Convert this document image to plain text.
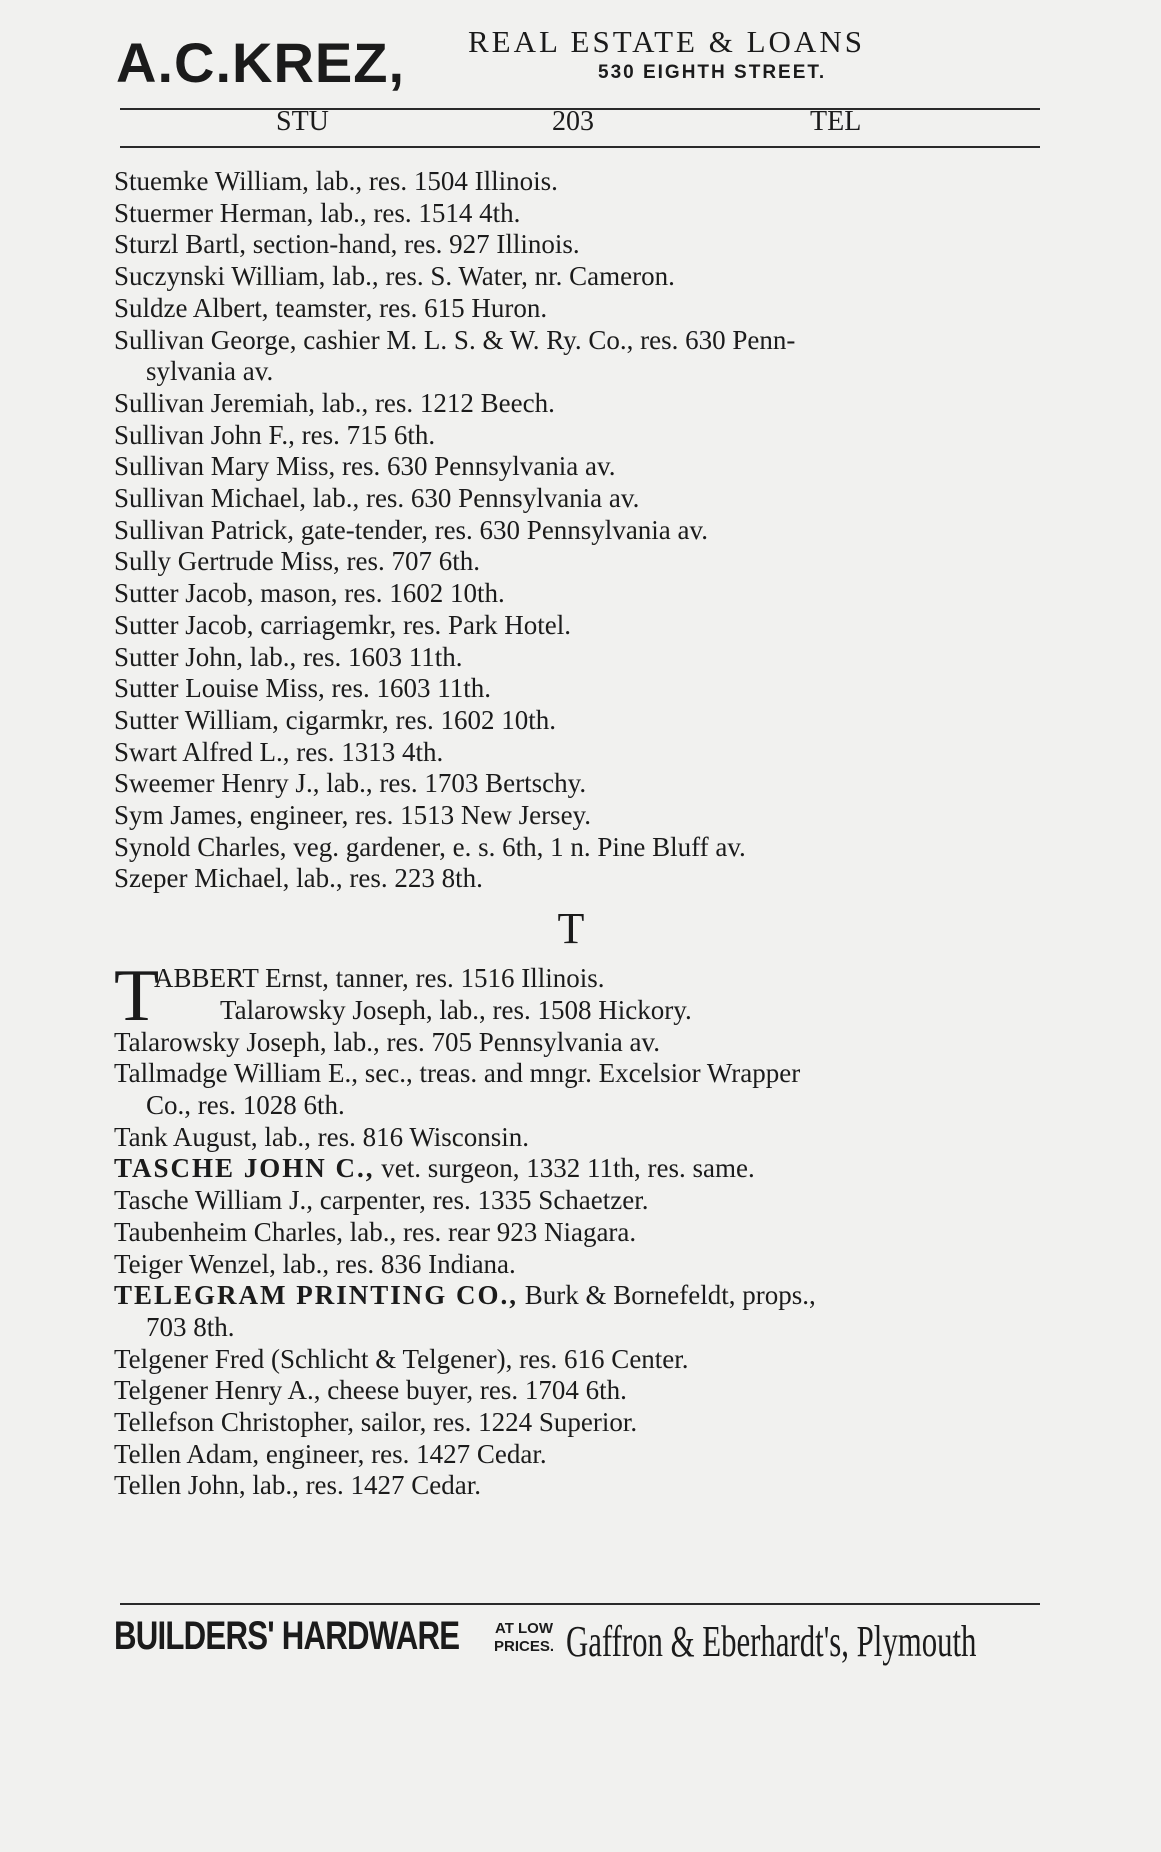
A.C.KREZ, REAL ESTATE & LOANS
530 EIGHTH STREET.
STU	203	TEL
Stuemke William, lab., res. 1504 Illinois.
Stuermer Herman, lab., res. 1514 4th.
Sturzl Bartl, section-hand, res. 927 Illinois.
Suczynski William, lab., res. S. Water, nr. Cameron.
Suldze Albert, teamster, res. 615 Huron.
Sullivan George, cashier M. L. S. & W. Ry. Co., res. 630 Penn-
sylvania av.
Sullivan Jeremiah, lab., res. 1212 Beech.
Sullivan John F., res. 715 6th.
Sullivan Mary Miss, res. 630 Pennsylvania av.
Sullivan Michael, lab., res. 630 Pennsylvania av.
Sullivan Patrick, gate-tender, res. 630 Pennsylvania av.
Sully Gertrude Miss, res. 707 6th.
Sutter Jacob, mason, res. 1602 10th.
Sutter Jacob, carriagemkr, res. Park Hotel.
Sutter John, lab., res. 1603 11th.
Sutter Louise Miss, res. 1603 11th.
Sutter William, cigarmkr, res. 1602 10th.
Swart Alfred L., res. 1313 4th.
Sweemer Henry J., lab., res. 1703 Bertschy.
Sym James, engineer, res. 1513 New Jersey.
Synold Charles, veg. gardener, e. s. 6th, 1 n. Pine Bluff av.
Szeper Michael, lab., res. 223 8th.
T
T
ABBERT Ernst, tanner, res. 1516 Illinois.
Talarowsky Joseph, lab., res. 1508 Hickory.
Talarowsky Joseph, lab., res. 705 Pennsylvania av.
Tallmadge William E., sec., treas. and mngr. Excelsior Wrapper
Co., res. 1028 6th.
Tank August, lab., res. 816 Wisconsin.
TASCHE JOHN C., vet. surgeon, 1332 11th, res. same.
Tasche William J., carpenter, res. 1335 Schaetzer.
Taubenheim Charles, lab., res. rear 923 Niagara.
Teiger Wenzel, lab., res. 836 Indiana.
TELEGRAM PRINTING CO., Burk & Bornefeldt, props.,
703 8th.
Telgener Fred (Schlicht & Telgener), res. 616 Center.
Telgener Henry A., cheese buyer, res. 1704 6th.
Tellefson Christopher, sailor, res. 1224 Superior.
Tellen Adam, engineer, res. 1427 Cedar.
Tellen John, lab., res. 1427 Cedar.
BUILDERS' HARDWARE	AT LOW
PRICES. Gaffron & Eberhardt's, Plymouth
